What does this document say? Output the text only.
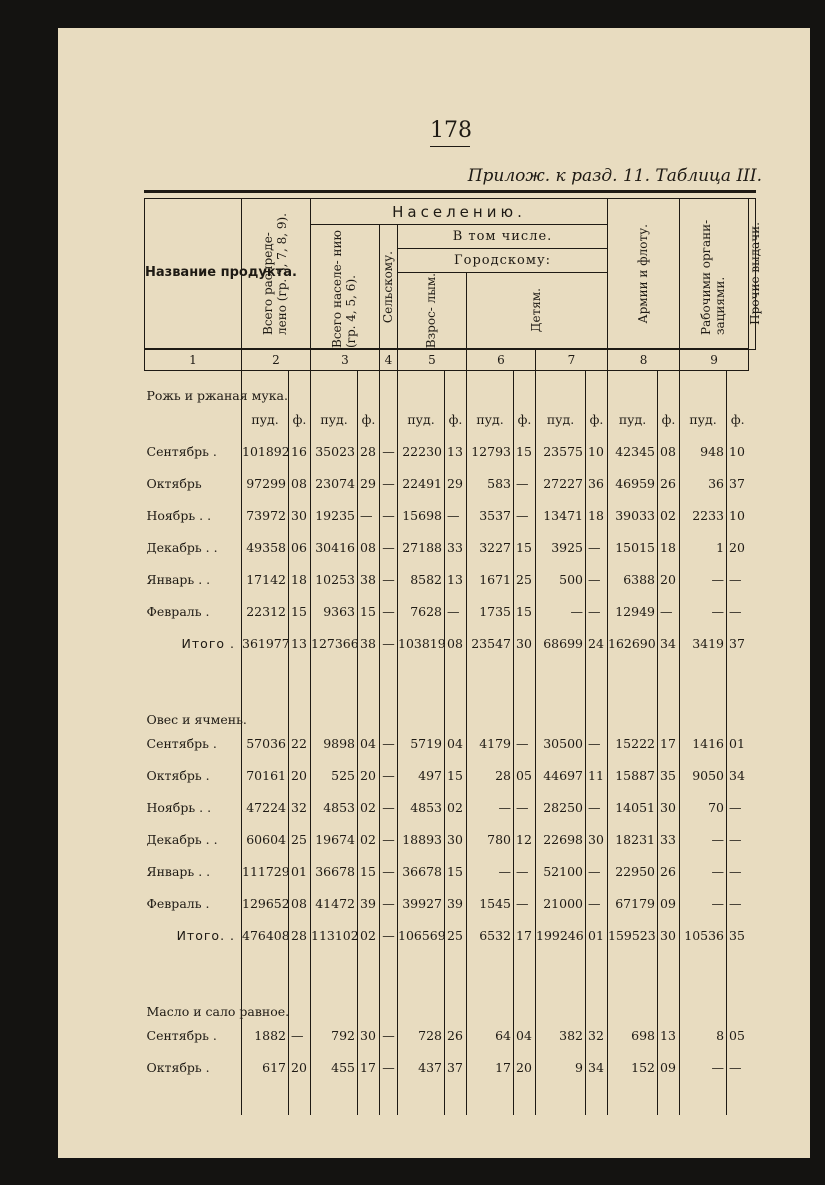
178
Прилож. к разд. 11. Таблица III.
Название продукта.	Всего распреде- лено (гр. 3, 7, 8, 9).		Населению.									Армии и флоту.		Рабочими органи- зациями.		Прочие выдачи.

			Всего населе- нию (гр. 4, 5, 6).		Сельскому.	В том числе.										
						Городскому:										

						Взрос- лым.		Детям.								

1	2		3		4	5		6		7		8		9		
Рожь и ржаная мука.																
	пуд.	ф.	пуд.	ф.		пуд.	ф.	пуд.	ф.	пуд.	ф.	пуд.	ф.	пуд.	ф.	
Сентябрь .	101892	16	35023	28	—	22230	13	12793	15	23575	10	42345	08	948	10	
Октябрь	97299	08	23074	29	—	22491	29	583	—	27227	36	46959	26	36	37	
Ноябрь . .	73972	30	19235	—	—	15698	—	3537	—	13471	18	39033	02	2233	10	
Декабрь . .	49358	06	30416	08	—	27188	33	3227	15	3925	—	15015	18	1	20	
Январь . .	17142	18	10253	38	—	8582	13	1671	25	500	—	6388	20	—	—	
Февраль .	22312	15	9363	15	—	7628	—	1735	15	—	—	12949	—	—	—	
Итого .	361977	13	127366	38	—	103819	08	23547	30	68699	24	162690	34	3419	37	
Овес и ячмень.																
Сентябрь .	57036	22	9898	04	—	5719	04	4179	—	30500	—	15222	17	1416	01	
Октябрь .	70161	20	525	20	—	497	15	28	05	44697	11	15887	35	9050	34	
Ноябрь . .	47224	32	4853	02	—	4853	02	—	—	28250	—	14051	30	70	—	
Декабрь . .	60604	25	19674	02	—	18893	30	780	12	22698	30	18231	33	—	—	
Январь . .	111729	01	36678	15	—	36678	15	—	—	52100	—	22950	26	—	—	
Февраль .	129652	08	41472	39	—	39927	39	1545	—	21000	—	67179	09	—	—	
Итого. .	476408	28	113102	02	—	106569	25	6532	17	199246	01	159523	30	10536	35	
Масло и сало равное.																
Сентябрь .	1882	—	792	30	—	728	26	64	04	382	32	698	13	8	05	
Октябрь .	617	20	455	17	—	437	37	17	20	9	34	152	09	—	—	
